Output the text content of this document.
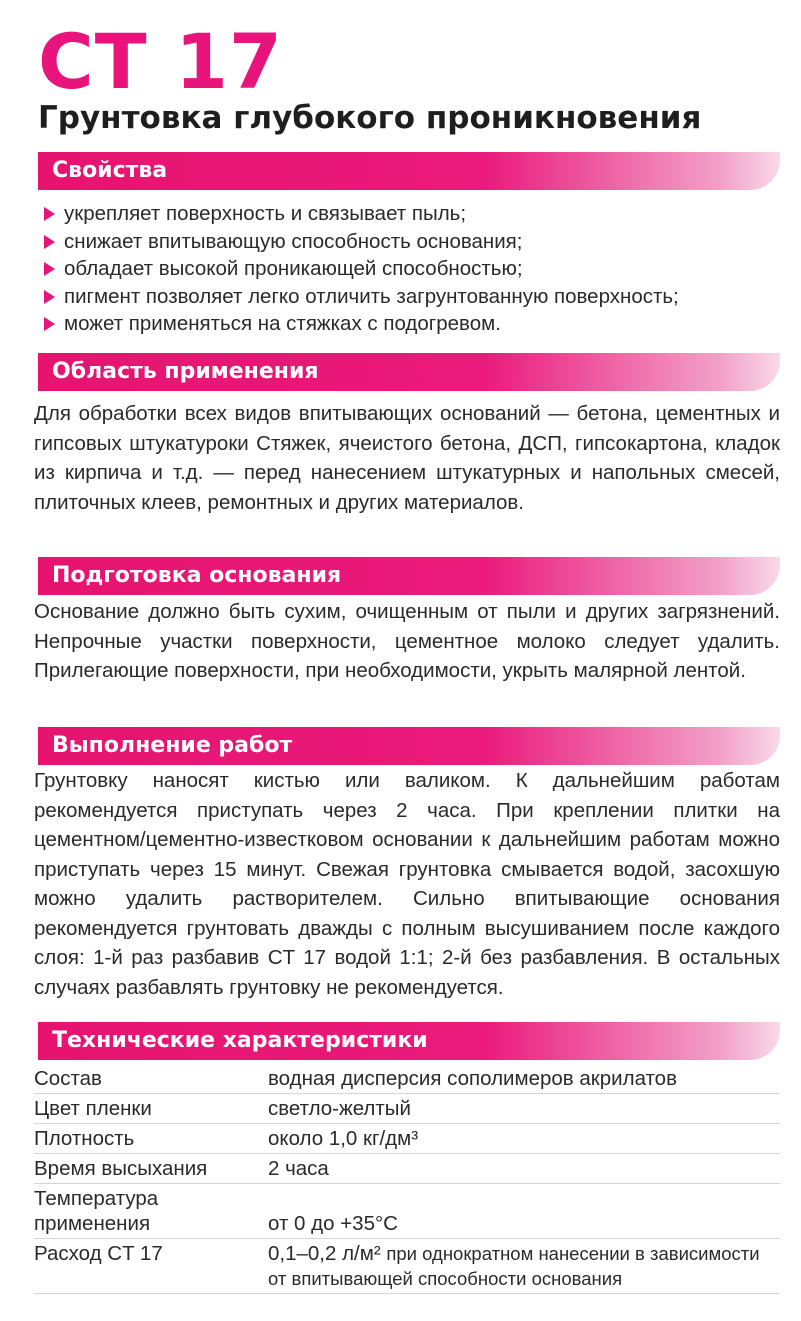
CT 17
Грунтовка глубокого проникновения
Свойства
укрепляет поверхность и связывает пыль;
снижает впитывающую способность основания;
обладает высокой проникающей способностью;
пигмент позволяет легко отличить загрунтованную поверхность;
может применяться на стяжках с подогревом.
Область применения

Для обработки всех видов впитывающих оснований — бетона, цементных и гипсовых штукатуроки Стяжек, ячеистого бетона, ДСП, гипсокартона, кладок из кирпича и т.д. — перед нанесением штукатурных и напольных смесей, плиточных клеев, ремонтных и других материалов.

Подготовка основания

Основание должно быть сухим, очищенным от пыли и других загрязнений. Непрочные участки поверхности, цементное молоко следует удалить. Прилегающие поверхности, при необходимости, укрыть малярной лентой.

Выполнение работ

Грунтовку наносят кистью или валиком. К дальнейшим работам рекомендуется приступать через 2 часа. При креплении плитки на цементном/цементно-известковом основании к дальнейшим работам можно приступать через 15 минут. Свежая грунтовка смывается водой, засохшую можно удалить растворителем. Сильно впитывающие основания рекомендуется грунтовать дважды с полным высушиванием после каждого слоя: 1-й раз разбавив CT 17 водой 1:1; 2-й без разбавления. В остальных случаях разбавлять грунтовку не рекомендуется.

Технические характеристики
Состав	водная дисперсия сополимеров акрилатов
Цвет пленки	светло-желтый
Плотность	около 1,0 кг/дм³
Время высыхания	2 часа
Температура применения	от 0 до +35°С
Расход CT 17	0,1–0,2 л/м² при однократном нанесении в зависимости от впитывающей способности основания
